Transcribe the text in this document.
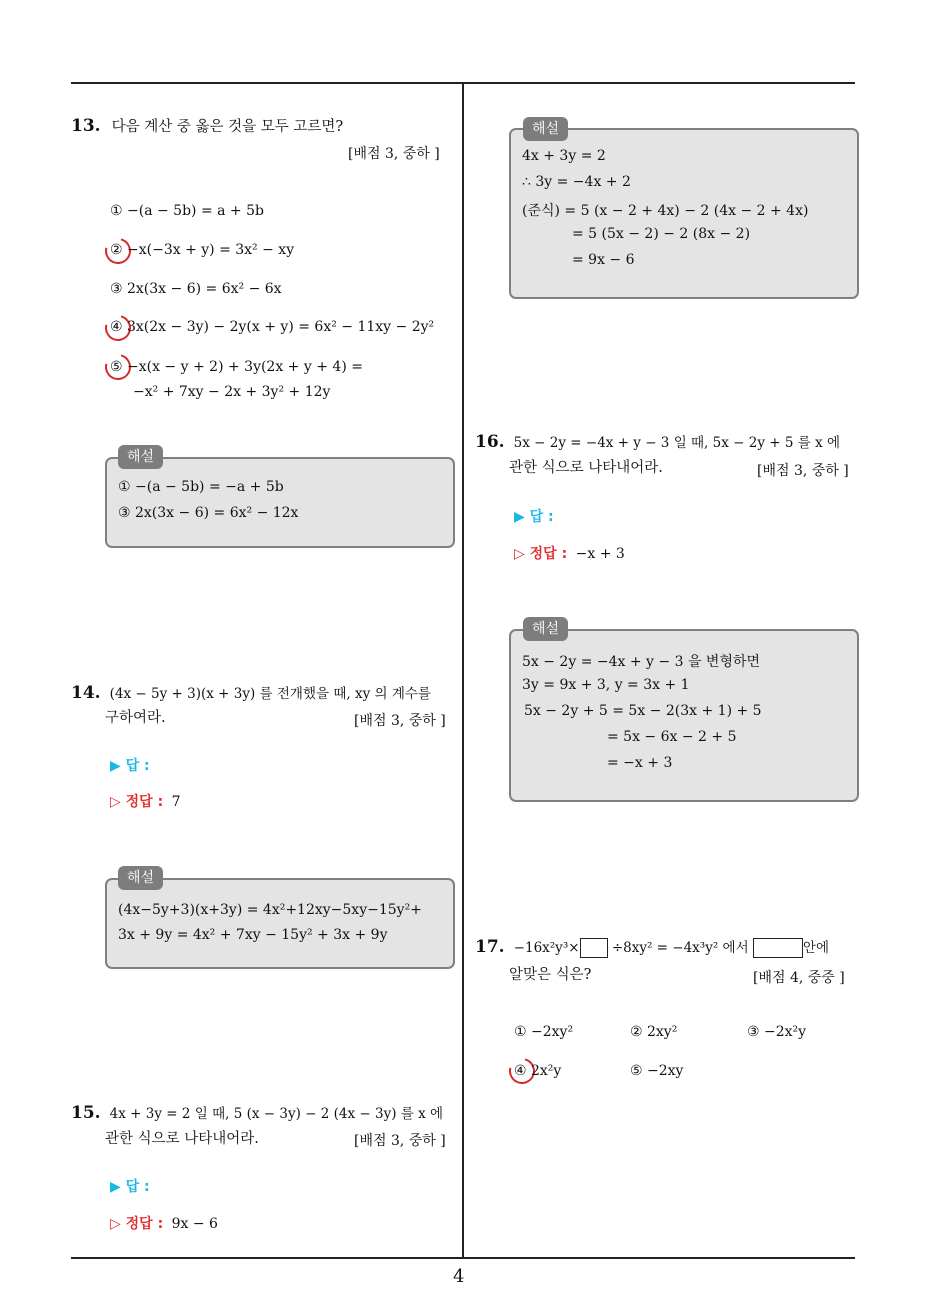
13. 다음 계산 중 옳은 것을 모두 고르면?
[배점 3, 중하 ]
① −(a − 5b) = a + 5b
② −x(−3x + y) = 3x² − xy
③ 2x(3x − 6) = 6x² − 6x
④ 3x(2x − 3y) − 2y(x + y) = 6x² − 11xy − 2y²
⑤ −x(x − y + 2) + 3y(2x + y + 4) =
−x² + 7xy − 2x + 3y² + 12y
해설
① −(a − 5b) = −a + 5b
③ 2x(3x − 6) = 6x² − 12x
14. (4x − 5y + 3)(x + 3y) 를 전개했을 때, xy 의 계수를
구하여라.	[배점 3, 중하 ]
▶ 답 :
▷ 정답 : 7
해설
(4x−5y+3)(x+3y) = 4x²+12xy−5xy−15y²+
3x + 9y = 4x² + 7xy − 15y² + 3x + 9y
15. 4x + 3y = 2 일 때, 5 (x − 3y) − 2 (4x − 3y) 를 x 에
관한 식으로 나타내어라.	[배점 3, 중하 ]
▶ 답 :
▷ 정답 : 9x − 6
해설
4x + 3y = 2
∴ 3y = −4x + 2
(준식) = 5 (x − 2 + 4x) − 2 (4x − 2 + 4x)
= 5 (5x − 2) − 2 (8x − 2)
= 9x − 6
16. 5x − 2y = −4x + y − 3 일 때, 5x − 2y + 5 를 x 에
관한 식으로 나타내어라.	[배점 3, 중하 ]
▶ 답 :
▷ 정답 : −x + 3
해설
5x − 2y = −4x + y − 3 을 변형하면
3y = 9x + 3, y = 3x + 1
5x − 2y + 5 = 5x − 2(3x + 1) + 5
= 5x − 6x − 2 + 5
= −x + 3
17. −16x²y³× ÷8xy² = −4x³y² 에서	안에
알맞은 식은?	[배점 4, 중중 ]
① −2xy²	② 2xy²	③ −2x²y
④ 2x²y	⑤ −2xy
4
